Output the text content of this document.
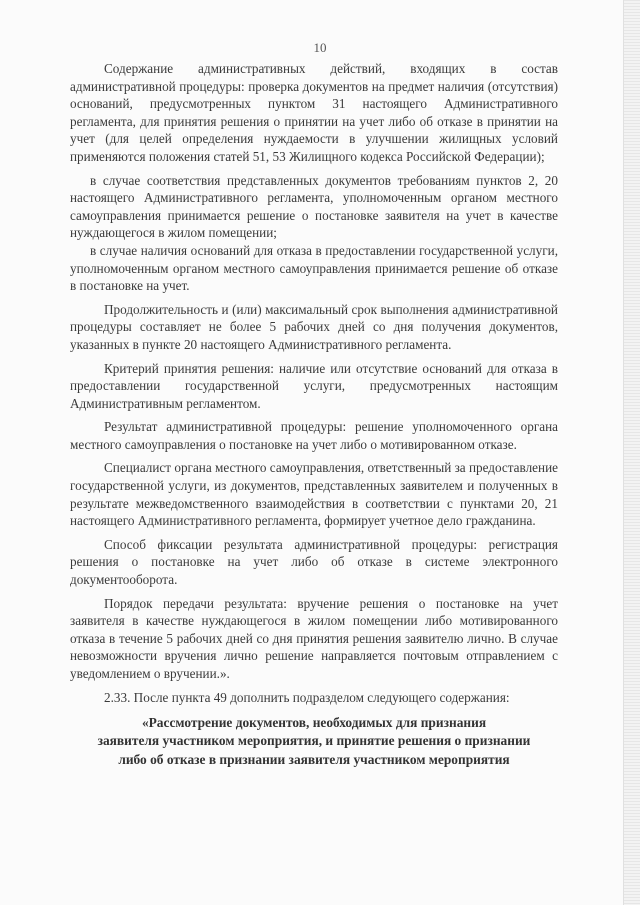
10

Содержание административных действий, входящих в состав административной процедуры: проверка документов на предмет наличия (отсутствия) оснований, предусмотренных пунктом 31 настоящего Административного регламента, для принятия решения о принятии на учет либо об отказе в принятии на учет (для целей определения нуждаемости в улучшении жилищных условий применяются положения статей 51, 53 Жилищного кодекса Российской Федерации);

в случае соответствия представленных документов требованиям пунктов 2, 20 настоящего Административного регламента, уполномоченным органом местного самоуправления принимается решение о постановке заявителя на учет в качестве нуждающегося в жилом помещении;

в случае наличия оснований для отказа в предоставлении государственной услуги, уполномоченным органом местного самоуправления принимается решение об отказе в постановке на учет.

Продолжительность и (или) максимальный срок выполнения административной процедуры составляет не более 5 рабочих дней со дня получения документов, указанных в пункте 20 настоящего Административного регламента.

Критерий принятия решения: наличие или отсутствие оснований для отказа в предоставлении государственной услуги, предусмотренных настоящим Административным регламентом.

Результат административной процедуры: решение уполномоченного органа местного самоуправления о постановке на учет либо о мотивированном отказе.

Специалист органа местного самоуправления, ответственный за предоставление государственной услуги, из документов, представленных заявителем и полученных в результате межведомственного взаимодействия в соответствии с пунктами 20, 21 настоящего Административного регламента, формирует учетное дело гражданина.

Способ фиксации результата административной процедуры: регистрация решения о постановке на учет либо об отказе в системе электронного документооборота.

Порядок передачи результата: вручение решения о постановке на учет заявителя в качестве нуждающегося в жилом помещении либо мотивированного отказа в течение 5 рабочих дней со дня принятия решения заявителю лично. В случае невозможности вручения лично решение направляется почтовым отправлением с уведомлением о вручении.».

2.33. После пункта 49 дополнить подразделом следующего содержания:

«Рассмотрение документов, необходимых для признания
заявителя участником мероприятия, и принятие решения о признании
либо об отказе в признании заявителя участником мероприятия
